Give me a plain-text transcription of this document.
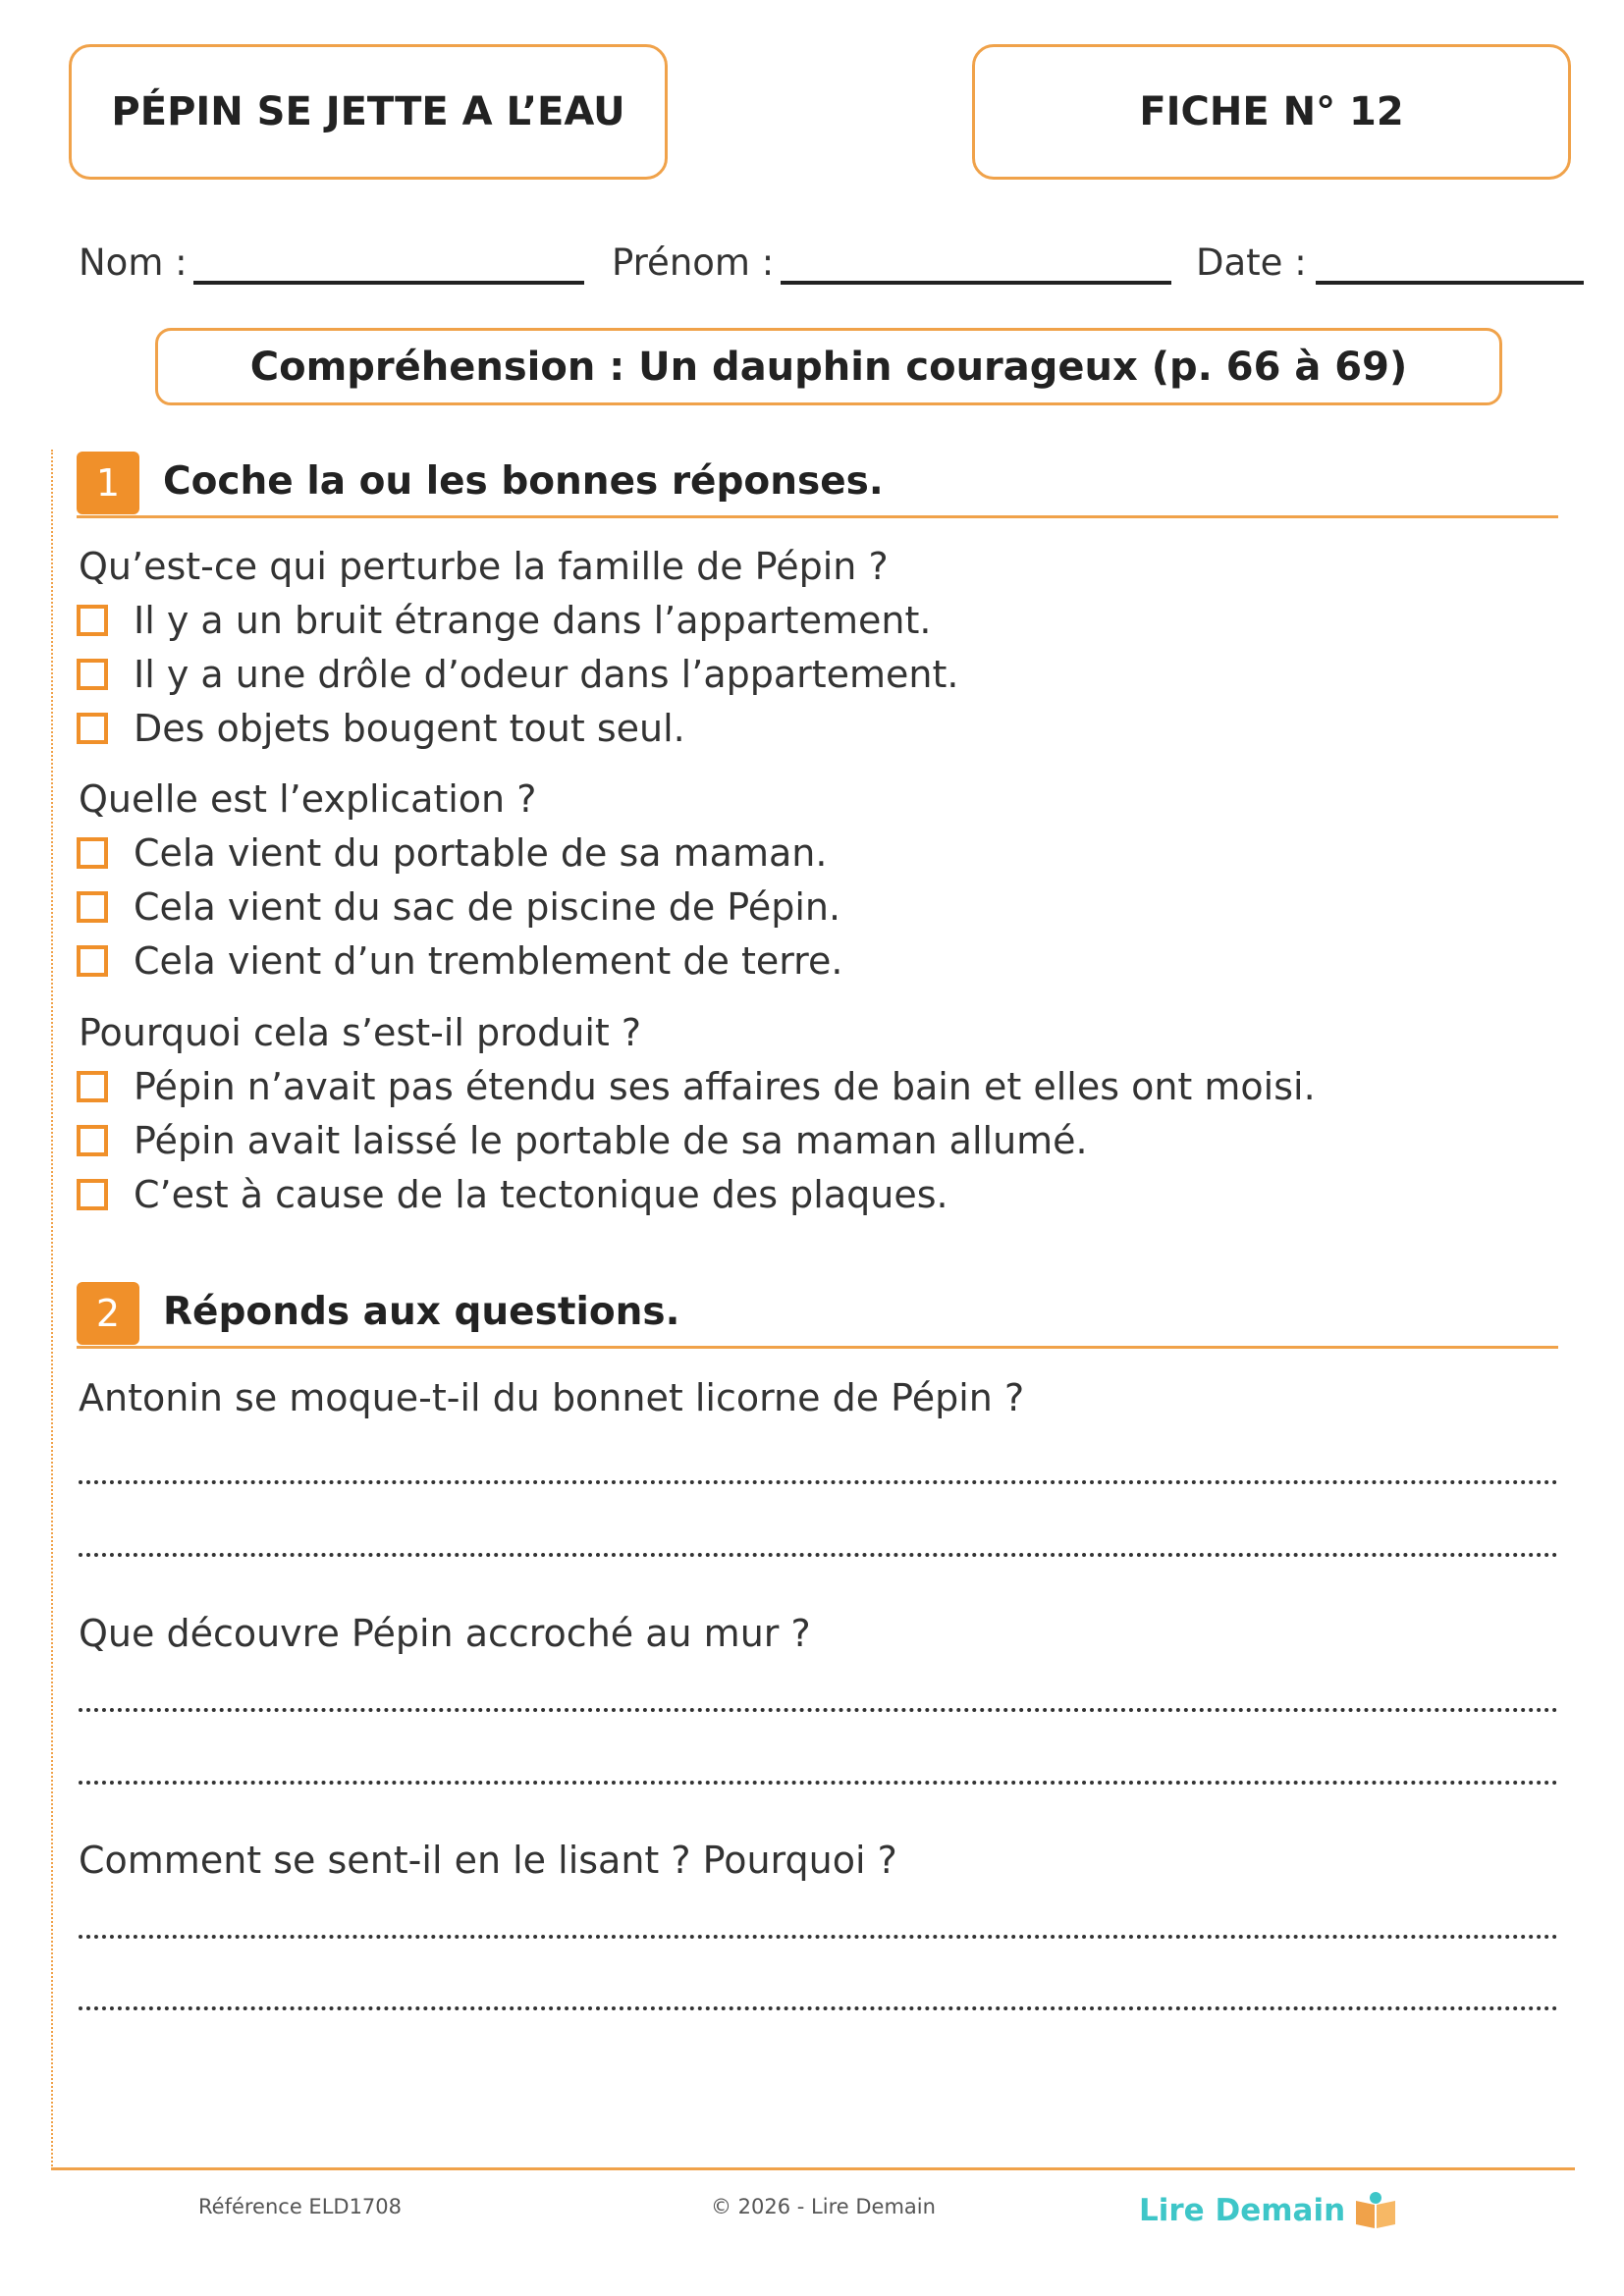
PÉPIN SE JETTE A L’EAU	FICHE N° 12
Nom :	Prénom :	Date :
Compréhension : Un dauphin courageux (p. 66 à 69)
1	Coche la ou les bonnes réponses.
Qu’est-ce qui perturbe la famille de Pépin ?
Il y a un bruit étrange dans l’appartement.
Il y a une drôle d’odeur dans l’appartement.
Des objets bougent tout seul.
Quelle est l’explication ?
Cela vient du portable de sa maman.
Cela vient du sac de piscine de Pépin.
Cela vient d’un tremblement de terre.
Pourquoi cela s’est-il produit ?
Pépin n’avait pas étendu ses affaires de bain et elles ont moisi.
Pépin avait laissé le portable de sa maman allumé.
C’est à cause de la tectonique des plaques.
2	Réponds aux questions.
Antonin se moque-t-il du bonnet licorne de Pépin ?
Que découvre Pépin accroché au mur ?
Comment se sent-il en le lisant ? Pourquoi ?
Référence ELD1708	© 2026 - Lire Demain	Lire Demain
